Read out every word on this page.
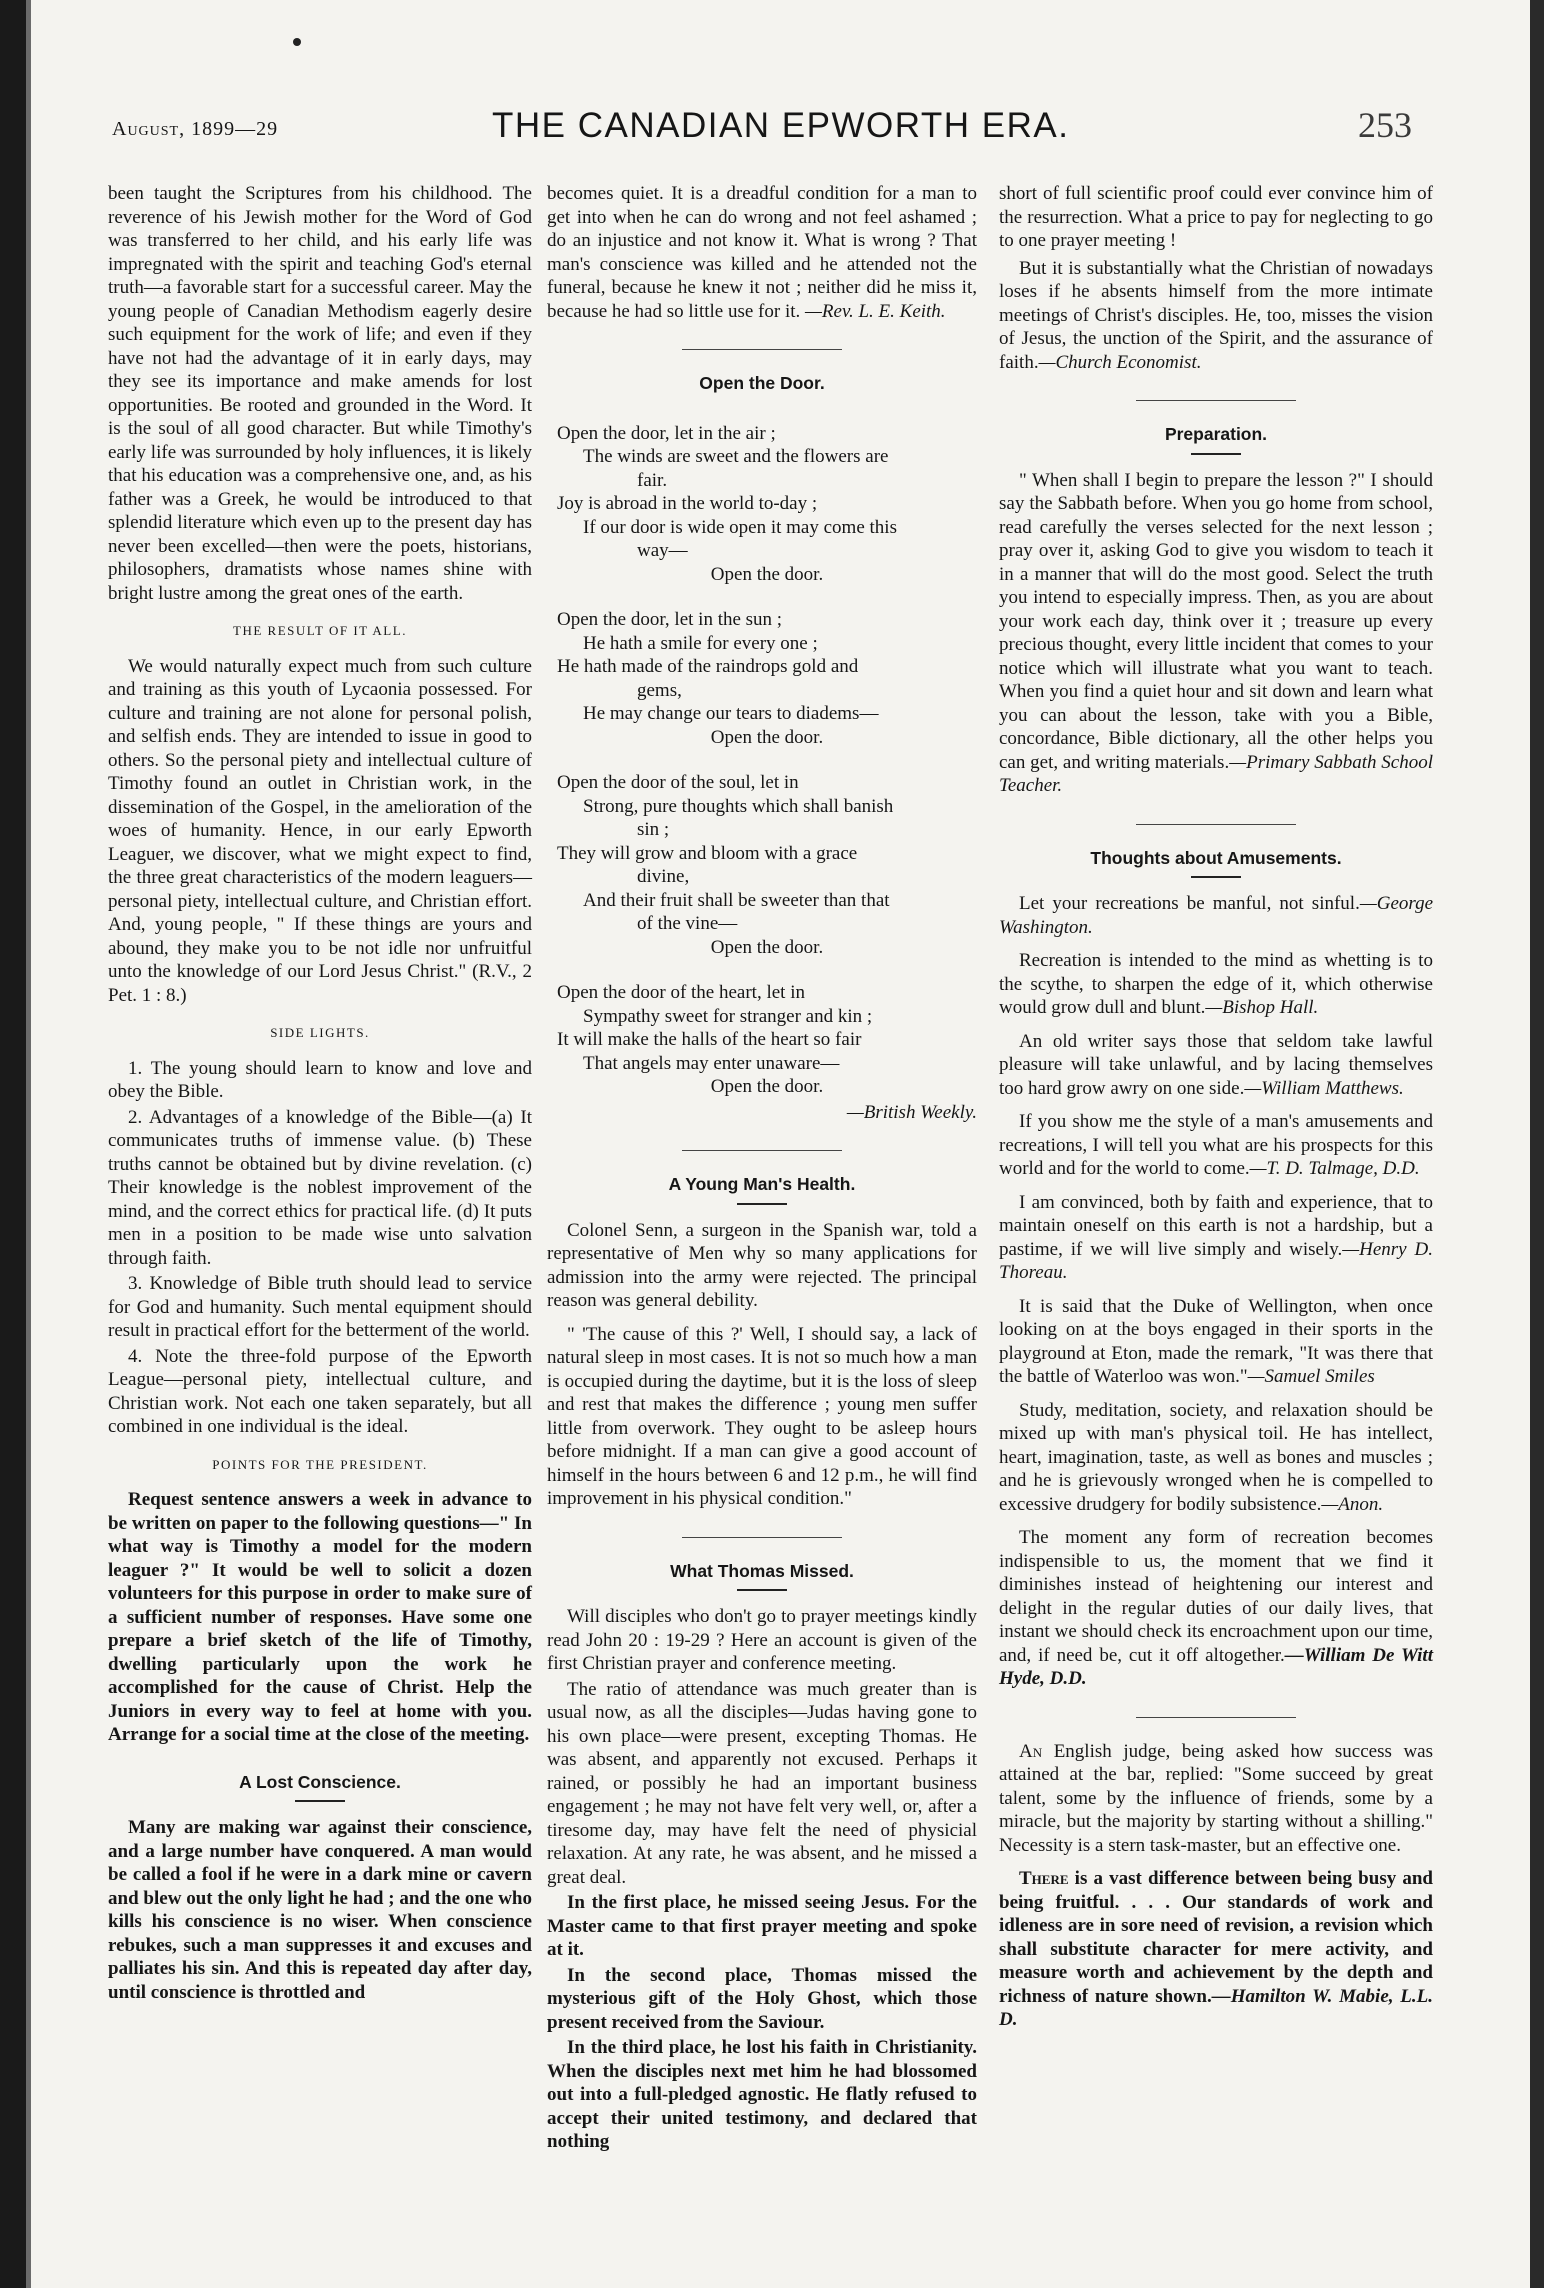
August, 1899—29	THE CANADIAN EPWORTH ERA.	253

been taught the Scriptures from his childhood. The reverence of his Jewish mother for the Word of God was transferred to her child, and his early life was impregnated with the spirit and teaching God's eternal truth—a favorable start for a successful career. May the young people of Canadian Methodism eagerly desire such equipment for the work of life; and even if they have not had the advantage of it in early days, may they see its importance and make amends for lost opportunities. Be rooted and grounded in the Word. It is the soul of all good character. But while Timothy's early life was surrounded by holy influences, it is likely that his education was a comprehensive one, and, as his father was a Greek, he would be introduced to that splendid literature which even up to the present day has never been excelled—then were the poets, historians, philosophers, dramatists whose names shine with bright lustre among the great ones of the earth.

THE RESULT OF IT ALL.

We would naturally expect much from such culture and training as this youth of Lycaonia possessed. For culture and training are not alone for personal polish, and selfish ends. They are intended to issue in good to others. So the personal piety and intellectual culture of Timothy found an outlet in Christian work, in the dissemination of the Gospel, in the amelioration of the woes of humanity. Hence, in our early Epworth Leaguer, we discover, what we might expect to find, the three great characteristics of the modern leaguers—personal piety, intellectual culture, and Christian effort. And, young people, " If these things are yours and abound, they make you to be not idle nor unfruitful unto the knowledge of our Lord Jesus Christ." (R.V., 2 Pet. 1 : 8.)

SIDE LIGHTS.

1. The young should learn to know and love and obey the Bible.

2. Advantages of a knowledge of the Bible—(a) It communicates truths of immense value. (b) These truths cannot be obtained but by divine revelation. (c) Their knowledge is the noblest improvement of the mind, and the correct ethics for practical life. (d) It puts men in a position to be made wise unto salvation through faith.

3. Knowledge of Bible truth should lead to service for God and humanity. Such mental equipment should result in practical effort for the betterment of the world.

4. Note the three-fold purpose of the Epworth League—personal piety, intellectual culture, and Christian work. Not each one taken separately, but all combined in one individual is the ideal.

POINTS FOR THE PRESIDENT.

Request sentence answers a week in advance to be written on paper to the following questions—" In what way is Timothy a model for the modern leaguer ?" It would be well to solicit a dozen volunteers for this purpose in order to make sure of a sufficient number of responses. Have some one prepare a brief sketch of the life of Timothy, dwelling particularly upon the work he accomplished for the cause of Christ. Help the Juniors in every way to feel at home with you. Arrange for a social time at the close of the meeting.

A Lost Conscience.

Many are making war against their conscience, and a large number have conquered. A man would be called a fool if he were in a dark mine or cavern and blew out the only light he had ; and the one who kills his conscience is no wiser. When conscience rebukes, such a man suppresses it and excuses and palliates his sin. And this is repeated day after day, until conscience is throttled and

becomes quiet. It is a dreadful condition for a man to get into when he can do wrong and not feel ashamed ; do an injustice and not know it. What is wrong ? That man's conscience was killed and he attended not the funeral, because he knew it not ; neither did he miss it, because he had so little use for it. —Rev. L. E. Keith.

Open the Door.
Open the door, let in the air ;
The winds are sweet and the flowers are
fair.
Joy is abroad in the world to-day ;
If our door is wide open it may come this
way—
Open the door.
Open the door, let in the sun ;
He hath a smile for every one ;
He hath made of the raindrops gold and
gems,
He may change our tears to diadems—
Open the door.
Open the door of the soul, let in
Strong, pure thoughts which shall banish
sin ;
They will grow and bloom with a grace
divine,
And their fruit shall be sweeter than that
of the vine—
Open the door.
Open the door of the heart, let in
Sympathy sweet for stranger and kin ;
It will make the halls of the heart so fair
That angels may enter unaware—
Open the door.
—British Weekly.
A Young Man's Health.

Colonel Senn, a surgeon in the Spanish war, told a representative of Men why so many applications for admission into the army were rejected. The principal reason was general debility.

" 'The cause of this ?' Well, I should say, a lack of natural sleep in most cases. It is not so much how a man is occupied during the daytime, but it is the loss of sleep and rest that makes the difference ; young men suffer little from overwork. They ought to be asleep hours before midnight. If a man can give a good account of himself in the hours between 6 and 12 p.m., he will find improvement in his physical condition."

What Thomas Missed.

Will disciples who don't go to prayer meetings kindly read John 20 : 19-29 ? Here an account is given of the first Christian prayer and conference meeting.

The ratio of attendance was much greater than is usual now, as all the disciples—Judas having gone to his own place—were present, excepting Thomas. He was absent, and apparently not excused. Perhaps it rained, or possibly he had an important business engagement ; he may not have felt very well, or, after a tiresome day, may have felt the need of physicial relaxation. At any rate, he was absent, and he missed a great deal.

In the first place, he missed seeing Jesus. For the Master came to that first prayer meeting and spoke at it.

In the second place, Thomas missed the mysterious gift of the Holy Ghost, which those present received from the Saviour.

In the third place, he lost his faith in Christianity. When the disciples next met him he had blossomed out into a full-pledged agnostic. He flatly refused to accept their united testimony, and declared that nothing

short of full scientific proof could ever convince him of the resurrection. What a price to pay for neglecting to go to one prayer meeting !

But it is substantially what the Christian of nowadays loses if he absents himself from the more intimate meetings of Christ's disciples. He, too, misses the vision of Jesus, the unction of the Spirit, and the assurance of faith.—Church Economist.

Preparation.

" When shall I begin to prepare the lesson ?" I should say the Sabbath before. When you go home from school, read carefully the verses selected for the next lesson ; pray over it, asking God to give you wisdom to teach it in a manner that will do the most good. Select the truth you intend to especially impress. Then, as you are about your work each day, think over it ; treasure up every precious thought, every little incident that comes to your notice which will illustrate what you want to teach. When you find a quiet hour and sit down and learn what you can about the lesson, take with you a Bible, concordance, Bible dictionary, all the other helps you can get, and writing materials.—Primary Sabbath School Teacher.

Thoughts about Amusements.

Let your recreations be manful, not sinful.—George Washington.

Recreation is intended to the mind as whetting is to the scythe, to sharpen the edge of it, which otherwise would grow dull and blunt.—Bishop Hall.

An old writer says those that seldom take lawful pleasure will take unlawful, and by lacing themselves too hard grow awry on one side.—William Matthews.

If you show me the style of a man's amusements and recreations, I will tell you what are his prospects for this world and for the world to come.—T. D. Talmage, D.D.

I am convinced, both by faith and experience, that to maintain oneself on this earth is not a hardship, but a pastime, if we will live simply and wisely.—Henry D. Thoreau.

It is said that the Duke of Wellington, when once looking on at the boys engaged in their sports in the playground at Eton, made the remark, "It was there that the battle of Waterloo was won."—Samuel Smiles

Study, meditation, society, and relaxation should be mixed up with man's physical toil. He has intellect, heart, imagination, taste, as well as bones and muscles ; and he is grievously wronged when he is compelled to excessive drudgery for bodily subsistence.—Anon.

The moment any form of recreation becomes indispensible to us, the moment that we find it diminishes instead of heightening our interest and delight in the regular duties of our daily lives, that instant we should check its encroachment upon our time, and, if need be, cut it off altogether.—William De Witt Hyde, D.D.

An English judge, being asked how success was attained at the bar, replied: "Some succeed by great talent, some by the influence of friends, some by a miracle, but the majority by starting without a shilling." Necessity is a stern task-master, but an effective one.

There is a vast difference between being busy and being fruitful. . . . Our standards of work and idleness are in sore need of revision, a revision which shall substitute character for mere activity, and measure worth and achievement by the depth and richness of nature shown.—Hamilton W. Mabie, L.L. D.
